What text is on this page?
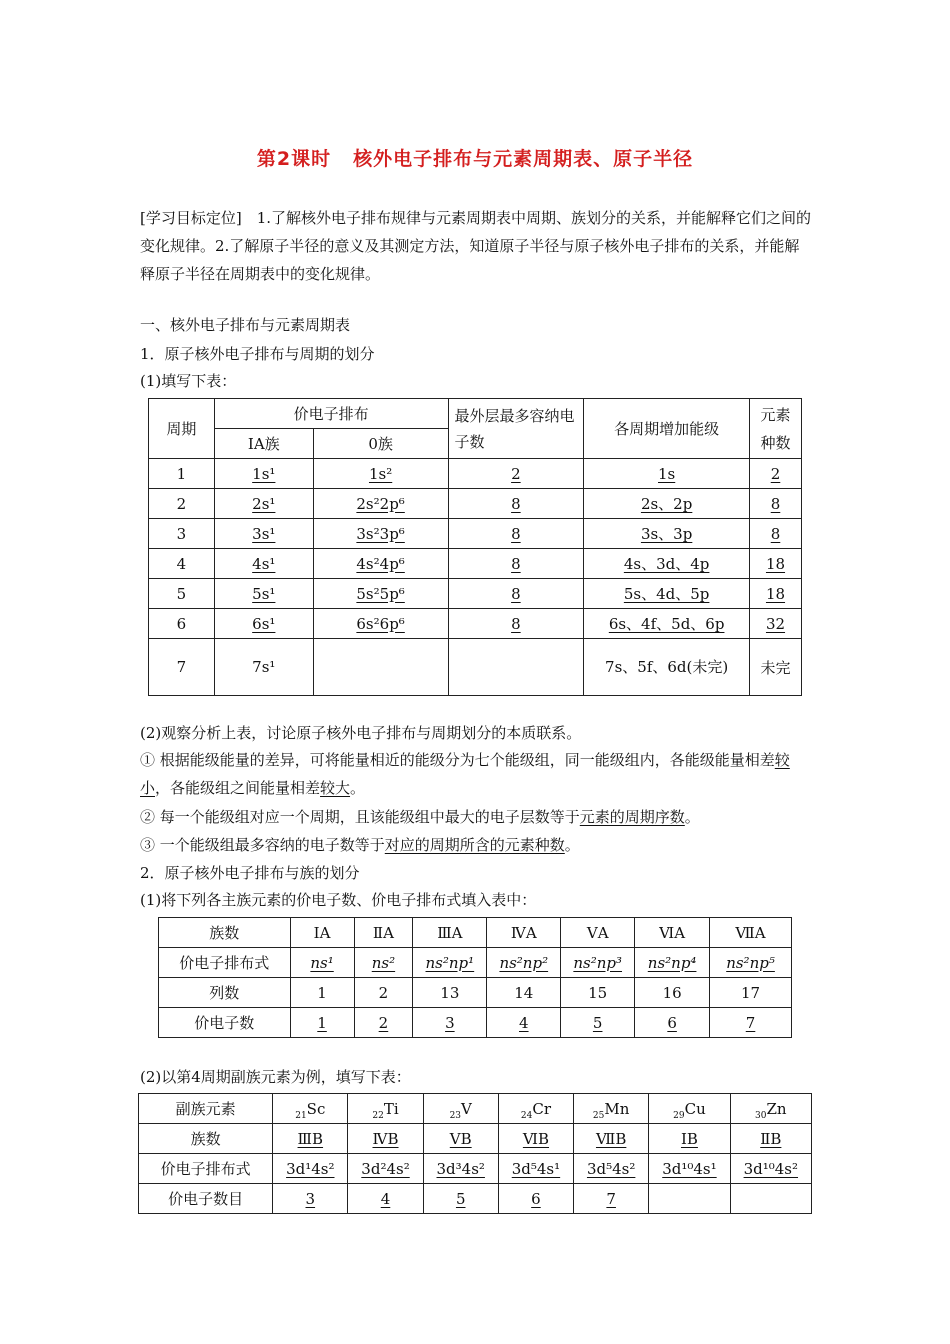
第2课时 核外电子排布与元素周期表、原子半径
[学习目标定位]　1.了解核外电子排布规律与元素周期表中周期、族划分的关系，并能解释它们之间的变化规律。2.了解原子半径的意义及其测定方法，知道原子半径与原子核外电子排布的关系，并能解释原子半径在周期表中的变化规律。
一、核外电子排布与元素周期表
1．原子核外电子排布与周期的划分
(1)填写下表：
周期	价电子排布		最外层最多容纳电子数	各周期增加能级	元素种数
	ⅠA族	0族			
1	1s¹	1s²	2	1s	2
2	2s¹	2s²2p⁶	8	2s、2p	8
3	3s¹	3s²3p⁶	8	3s、3p	8
4	4s¹	4s²4p⁶	8	4s、3d、4p	18
5	5s¹	5s²5p⁶	8	5s、4d、5p	18
6	6s¹	6s²6p⁶	8	6s、4f、5d、6p	32
7	7s¹			7s、5f、6d(未完)	未完
(2)观察分析上表，讨论原子核外电子排布与周期划分的本质联系。
① 根据能级能量的差异，可将能量相近的能级分为七个能级组，同一能级组内，各能级能量相差较小，各能级组之间能量相差较大。
② 每一个能级组对应一个周期，且该能级组中最大的电子层数等于元素的周期序数。
③ 一个能级组最多容纳的电子数等于对应的周期所含的元素种数。
2．原子核外电子排布与族的划分
(1)将下列各主族元素的价电子数、价电子排布式填入表中：
族数	ⅠA	ⅡA	ⅢA	ⅣA	ⅤA	ⅥA	ⅦA
价电子排布式	ns¹	ns²	ns²np¹	ns²np²	ns²np³	ns²np⁴	ns²np⁵
列数	1	2	13	14	15	16	17
价电子数	1	2	3	4	5	6	7
(2)以第4周期副族元素为例，填写下表：
副族元素	$_{21}$Sc	$_{22}$Ti	$_{23}$V	$_{24}$Cr	$_{25}$Mn	$_{29}$Cu	$_{30}$Zn
族数	ⅢB	ⅣB	ⅤB	ⅥB	ⅦB	ⅠB	ⅡB
价电子排布式	3d¹4s²	3d²4s²	3d³4s²	3d⁵4s¹	3d⁵4s²	3d¹⁰4s¹	3d¹⁰4s²
价电子数目	3	4	5	6	7		
